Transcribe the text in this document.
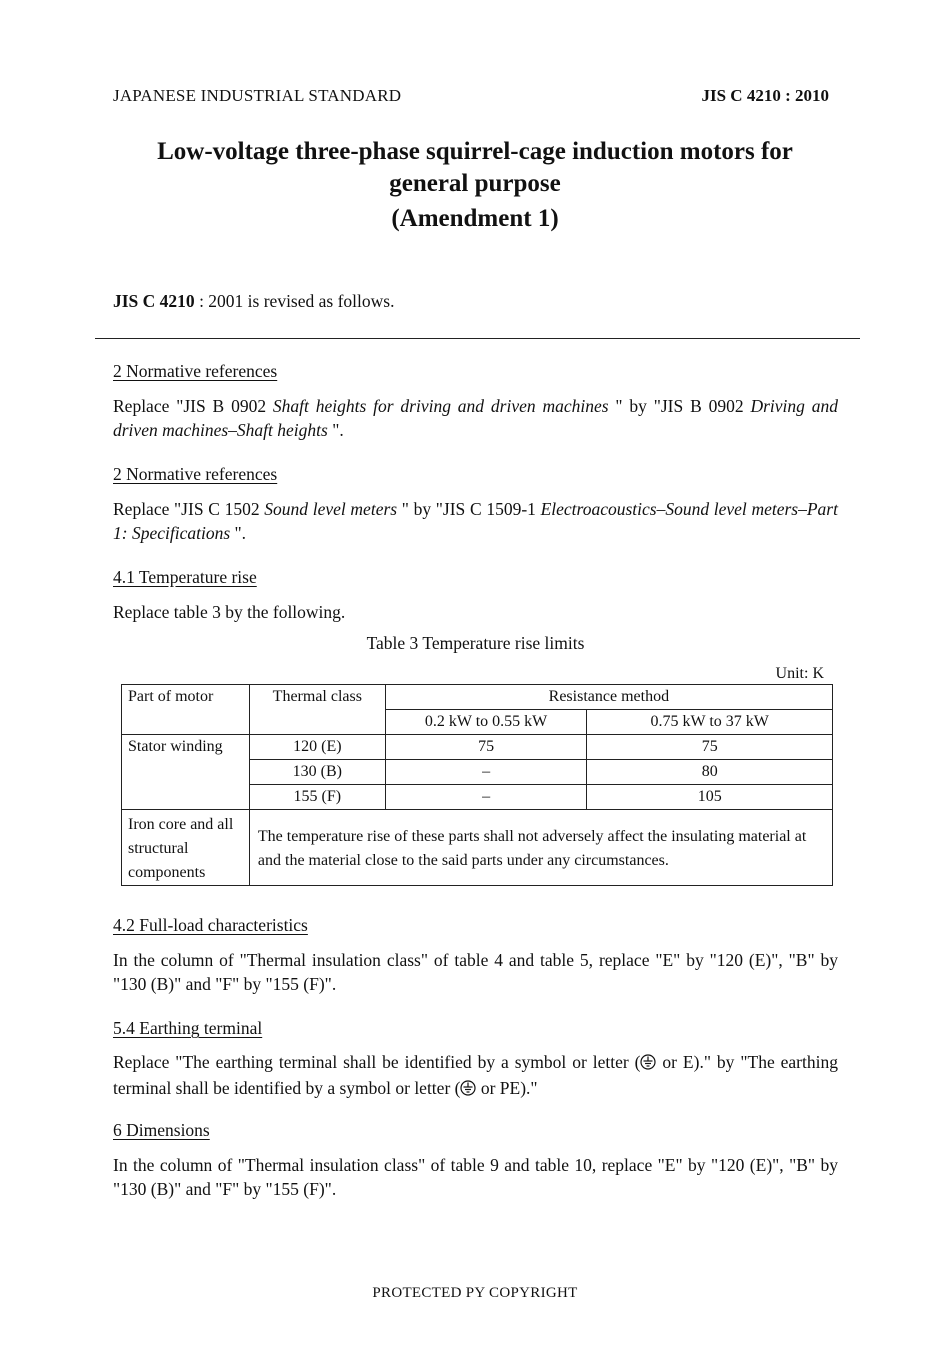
JAPANESE INDUSTRIAL STANDARD	JIS C 4210 : 2010
Low-voltage three-phase squirrel-cage induction motors for
general purpose
(Amendment 1)
JIS C 4210 : 2001 is revised as follows.
2 Normative references
Replace "JIS B 0902 Shaft heights for driving and driven machines " by "JIS B 0902 Driving and driven machines–Shaft heights ".
2 Normative references
Replace "JIS C 1502 Sound level meters " by "JIS C 1509-1 Electroacoustics–Sound level meters–Part 1: Specifications ".
4.1 Temperature rise
Replace table 3 by the following.
Table 3 Temperature rise limits
Unit: K
Part of motor	Thermal class	Resistance method	
		0.2 kW to 0.55 kW	0.75 kW to 37 kW
Stator winding	120 (E)	75	75
	130 (B)	–	80
	155 (F)	–	105
Iron core and all structural components	The temperature rise of these parts shall not adversely affect the insulating material at and the material close to the said parts under any circumstances.		
4.2 Full-load characteristics
In the column of "Thermal insulation class" of table 4 and table 5, replace "E" by "120 (E)", "B" by "130 (B)" and "F" by "155 (F)".
5.4 Earthing terminal
Replace "The earthing terminal shall be identified by a symbol or letter ( or E)." by "The earthing terminal shall be identified by a symbol or letter ( or PE)."
6 Dimensions
In the column of "Thermal insulation class" of table 9 and table 10, replace "E" by "120 (E)", "B" by "130 (B)" and "F" by "155 (F)".
PROTECTED PY COPYRIGHT
